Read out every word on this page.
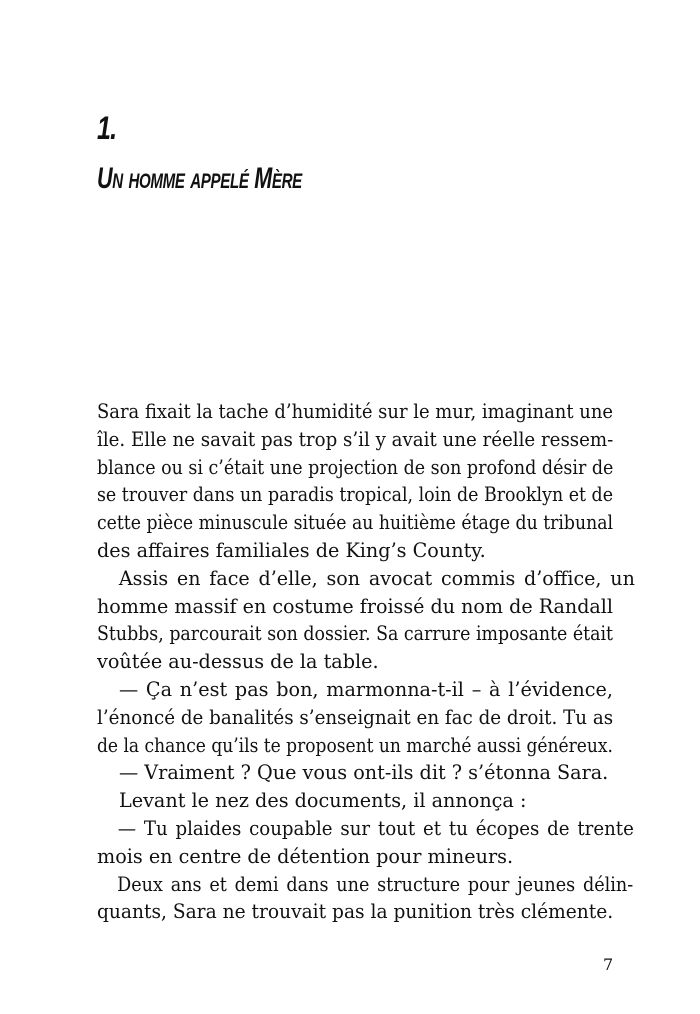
1.
Un homme appelé Mère

Sara fixait la tache d’humidité sur le mur, imaginant une
île. Elle ne savait pas trop s’il y avait une réelle ressem-
blance ou si c’était une projection de son profond désir de
se trouver dans un paradis tropical, loin de Brooklyn et de
cette pièce minuscule située au huitième étage du tribunal
des affaires familiales de King’s County.

Assis en face d’elle, son avocat commis d’office, un
homme massif en costume froissé du nom de Randall
Stubbs, parcourait son dossier. Sa carrure imposante était
voûtée au-dessus de la table.

— Ça n’est pas bon, marmonna-t-il – à l’évidence,
l’énoncé de banalités s’enseignait en fac de droit. Tu as
de la chance qu’ils te proposent un marché aussi généreux.

— Vraiment ? Que vous ont-ils dit ? s’étonna Sara.

Levant le nez des documents, il annonça :

— Tu plaides coupable sur tout et tu écopes de trente
mois en centre de détention pour mineurs.

Deux ans et demi dans une structure pour jeunes délin-
quants, Sara ne trouvait pas la punition très clémente.

7
